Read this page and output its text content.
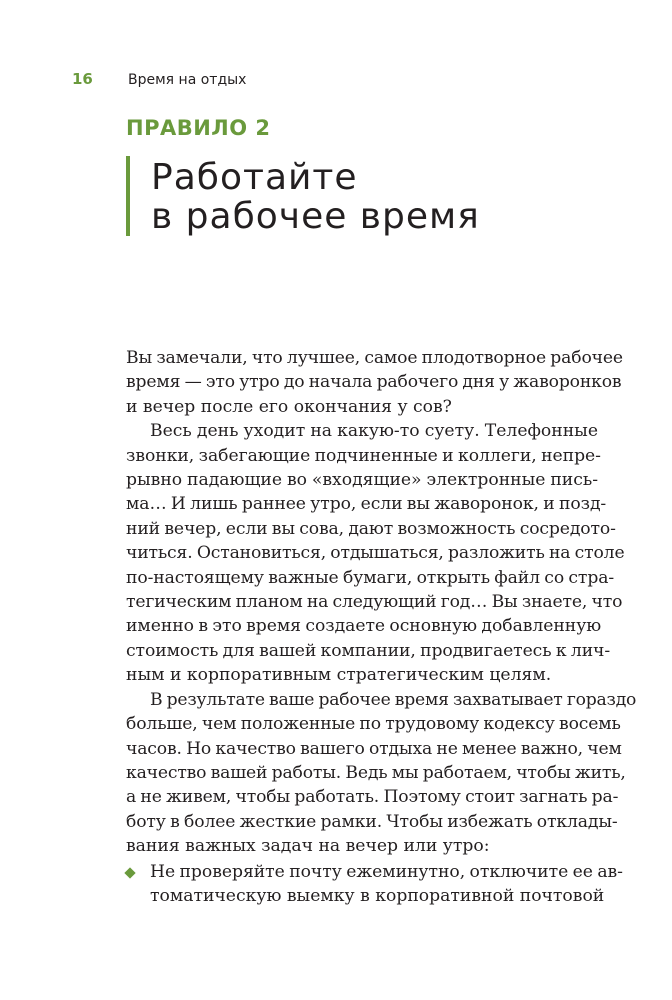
16	Время на отдых
ПРАВИЛО 2
Работайте
в рабочее время

Вы замечали, что лучшее, самое плодотворное рабочее
время — это утро до начала рабочего дня у жаворонков
и вечер после его окончания у сов?

Весь день уходит на какую-то суету. Телефонные
звонки, забегающие подчиненные и коллеги, непре-
рывно падающие во «входящие» электронные пись-
ма… И лишь раннее утро, если вы жаворонок, и позд-
ний вечер, если вы сова, дают возможность сосредото-
читься. Остановиться, отдышаться, разложить на столе
по-настоящему важные бумаги, открыть файл со стра-
тегическим планом на следующий год… Вы знаете, что
именно в это время создаете основную добавленную
стоимость для вашей компании, продвигаетесь к лич-
ным и корпоративным стратегическим целям.

В результате ваше рабочее время захватывает гораздо
больше, чем положенные по трудовому кодексу восемь
часов. Но качество вашего отдыха не менее важно, чем
качество вашей работы. Ведь мы работаем, чтобы жить,
а не живем, чтобы работать. Поэтому стоит загнать ра-
боту в более жесткие рамки. Чтобы избежать отклады-
вания важных задач на вечер или утро:

Не проверяйте почту ежеминутно, отключите ее ав-
томатическую выемку в корпоративной почтовой
